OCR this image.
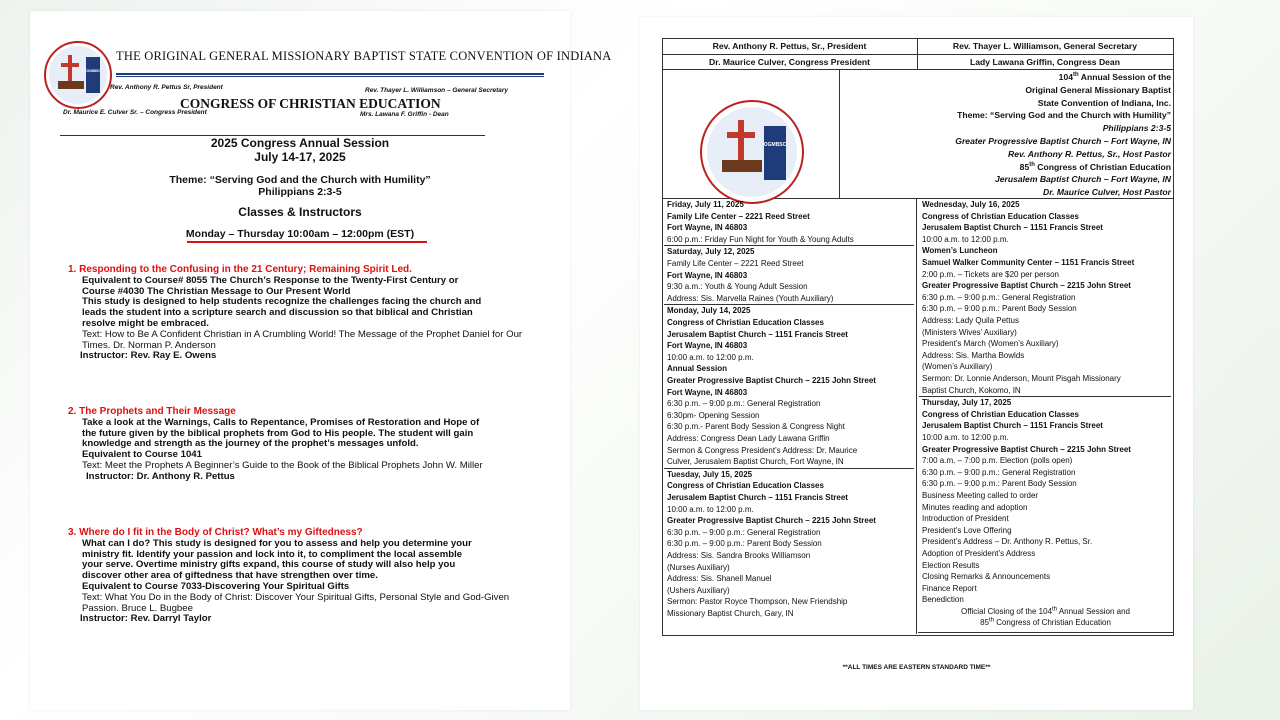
OGMBSC
THE ORIGINAL GENERAL MISSIONARY BAPTIST STATE CONVENTION OF INDIANA
Rev. Anthony R. Pettus Sr, President	Rev. Thayer L. Williamson – General Secretary
CONGRESS OF CHRISTIAN EDUCATION
Dr. Maurice E. Culver Sr. – Congress President	Mrs. Lawana F. Griffin - Dean
2025 Congress Annual Session
July 14-17, 2025
Theme: “Serving God and the Church with Humility”
Philippians 2:3-5
Classes & Instructors
Monday – Thursday 10:00am – 12:00pm (EST)
1. Responding to the Confusing in the 21 Century; Remaining Spirit Led.
Equivalent to Course# 8055 The Church’s Response to the Twenty-First Century or
Course #4030 The Christian Message to Our Present World
This study is designed to help students recognize the challenges facing the church and
leads the student into a scripture search and discussion so that biblical and Christian
resolve might be embraced.
Text: How to Be A Confident Christian in A Crumbling World! The Message of the Prophet Daniel for Our Times. Dr. Norman P. Anderson
Instructor: Rev. Ray E. Owens
2. The Prophets and Their Message
Take a look at the Warnings, Calls to Repentance, Promises of Restoration and Hope of
the future given by the biblical prophets from God to His people. The student will gain
knowledge and strength as the journey of the prophet’s messages unfold.
Equivalent to Course 1041
Text: Meet the Prophets A Beginner’s Guide to the Book of the Biblical Prophets John W. Miller
Instructor: Dr. Anthony R. Pettus
3. Where do I fit in the Body of Christ? What’s my Giftedness?
What can I do? This study is designed for you to assess and help you determine your
ministry fit. Identify your passion and lock into it, to compliment the local assemble
your serve. Overtime ministry gifts expand, this course of study will also help you
discover other area of giftedness that have strengthen over time.
Equivalent to Course 7033-Discovering Your Spiritual Gifts
Text: What You Do in the Body of Christ: Discover Your Spiritual Gifts, Personal Style and God-Given Passion. Bruce L. Bugbee
Instructor: Rev. Darryl Taylor
Rev. Anthony R. Pettus, Sr., President	Rev. Thayer L. Williamson, General Secretary
Dr. Maurice Culver, Congress President	Lady Lawana Griffin, Congress Dean
OGMBSC
104th Annual Session of the
Original General Missionary Baptist
State Convention of Indiana, Inc.
Theme: “Serving God and the Church with Humility”
Philippians 2:3-5
Greater Progressive Baptist Church – Fort Wayne, IN
Rev. Anthony R. Pettus, Sr., Host Pastor
85th Congress of Christian Education
Jerusalem Baptist Church – Fort Wayne, IN
Dr. Maurice Culver, Host Pastor
Friday, July 11, 2025
Family Life Center – 2221 Reed Street
Fort Wayne, IN 46803
6:00 p.m.: Friday Fun Night for Youth & Young Adults
Saturday, July 12, 2025
Family Life Center – 2221 Reed Street
Fort Wayne, IN 46803
9:30 a.m.: Youth & Young Adult Session
Address: Sis. Marvella Raines (Youth Auxiliary)
Monday, July 14, 2025
Congress of Christian Education Classes
Jerusalem Baptist Church – 1151 Francis Street
Fort Wayne, IN 46803
10:00 a.m. to 12:00 p.m.
Annual Session
Greater Progressive Baptist Church – 2215 John Street
Fort Wayne, IN 46803
6:30 p.m. – 9:00 p.m.: General Registration
6:30pm- Opening Session
6:30 p.m.- Parent Body Session & Congress Night
Address: Congress Dean Lady Lawana Griffin
Sermon & Congress President’s Address: Dr. Maurice
Culver, Jerusalem Baptist Church, Fort Wayne, IN
Tuesday, July 15, 2025
Congress of Christian Education Classes
Jerusalem Baptist Church – 1151 Francis Street
10:00 a.m. to 12:00 p.m.
Greater Progressive Baptist Church – 2215 John Street
6:30 p.m. – 9:00 p.m.: General Registration
6:30 p.m. – 9:00 p.m.: Parent Body Session
Address: Sis. Sandra Brooks Williamson
(Nurses Auxiliary)
Address: Sis. Shanell Manuel
(Ushers Auxiliary)
Sermon: Pastor Royce Thompson, New Friendship
Missionary Baptist Church, Gary, IN
Wednesday, July 16, 2025
Congress of Christian Education Classes
Jerusalem Baptist Church – 1151 Francis Street
10:00 a.m. to 12:00 p.m.
Women’s Luncheon
Samuel Walker Community Center – 1151 Francis Street
2:00 p.m. – Tickets are $20 per person
Greater Progressive Baptist Church – 2215 John Street
6:30 p.m. – 9:00 p.m.: General Registration
6:30 p.m. – 9:00 p.m.: Parent Body Session
Address: Lady Quila Pettus
(Ministers Wives’ Auxiliary)
President’s March (Women’s Auxiliary)
Address: Sis. Martha Bowlds
(Women’s Auxiliary)
Sermon: Dr. Lonnie Anderson, Mount Pisgah Missionary
Baptist Church, Kokomo, IN
Thursday, July 17, 2025
Congress of Christian Education Classes
Jerusalem Baptist Church – 1151 Francis Street
10:00 a.m. to 12:00 p.m.
Greater Progressive Baptist Church – 2215 John Street
7:00 a.m. – 7:00 p.m. Election (polls open)
6:30 p.m. – 9:00 p.m.: General Registration
6:30 p.m. – 9:00 p.m.: Parent Body Session
Business Meeting called to order
Minutes reading and adoption
Introduction of President
President’s Love Offering
President’s Address – Dr. Anthony R. Pettus, Sr.
Adoption of President’s Address
Election Results
Closing Remarks & Announcements
Finance Report
Benediction
Official Closing of the 104th Annual Session and
85th Congress of Christian Education
**ALL TIMES ARE EASTERN STANDARD TIME**
